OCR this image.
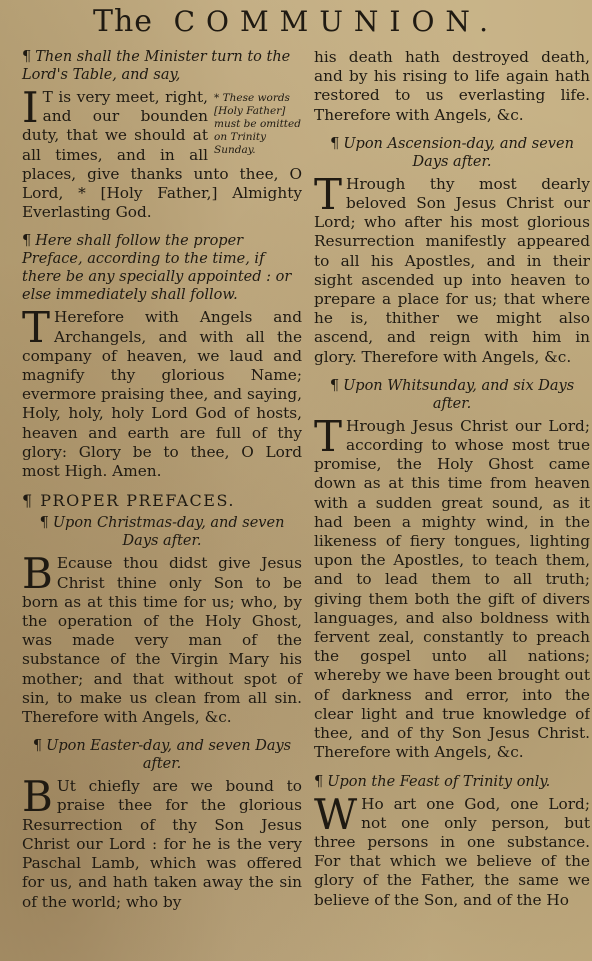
The COMMUNION.
¶ Then shall the Minister turn to the Lord's Table, and say,
* These words [Holy Father] must be omitted on Trinity Sunday.

I T is very meet, right, and our bounden duty, that we should at all times, and in all places, give thanks unto thee, O Lord, * [Holy Father,] Almighty Everlasting God.

¶ Here shall follow the proper Preface, according to the time, if there be any specially appointed : or else immediately shall follow.

T Herefore with Angels and Archangels, and with all the company of heaven, we laud and magnify thy glorious Name; evermore praising thee, and saying, Holy, holy, holy Lord God of hosts, heaven and earth are full of thy glory: Glory be to thee, O Lord most High. Amen.

¶ PROPER PREFACES.
¶ Upon Christmas-day, and seven Days after.

B Ecause thou didst give Jesus Christ thine only Son to be born as at this time for us; who, by the operation of the Holy Ghost, was made very man of the substance of the Virgin Mary his mother; and that without spot of sin, to make us clean from all sin. Therefore with Angels, &c.

¶ Upon Easter-day, and seven Days after.

B Ut chiefly are we bound to praise thee for the glorious Resurrection of thy Son Jesus Christ our Lord : for he is the very Paschal Lamb, which was offered for us, and hath taken away the sin of the world; who by

his death hath destroyed death, and by his rising to life again hath restored to us everlasting life. Therefore with Angels, &c.

¶ Upon Ascension-day, and seven Days after.

T Hrough thy most dearly beloved Son Jesus Christ our Lord; who after his most glorious Resurrection manifestly appeared to all his Apostles, and in their sight ascended up into heaven to prepare a place for us; that where he is, thither we might also ascend, and reign with him in glory. Therefore with Angels, &c.

¶ Upon Whitsunday, and six Days after.

T Hrough Jesus Christ our Lord; according to whose most true promise, the Holy Ghost came down as at this time from heaven with a sudden great sound, as it had been a mighty wind, in the likeness of fiery tongues, lighting upon the Apostles, to teach them, and to lead them to all truth; giving them both the gift of divers languages, and also boldness with fervent zeal, constantly to preach the gospel unto all nations; whereby we have been brought out of darkness and error, into the clear light and true knowledge of thee, and of thy Son Jesus Christ. Therefore with Angels, &c.

¶ Upon the Feast of Trinity only.

W Ho art one God, one Lord; not one only person, but three persons in one substance. For that which we believe of the glory of the Father, the same we believe of the Son, and of the Ho
